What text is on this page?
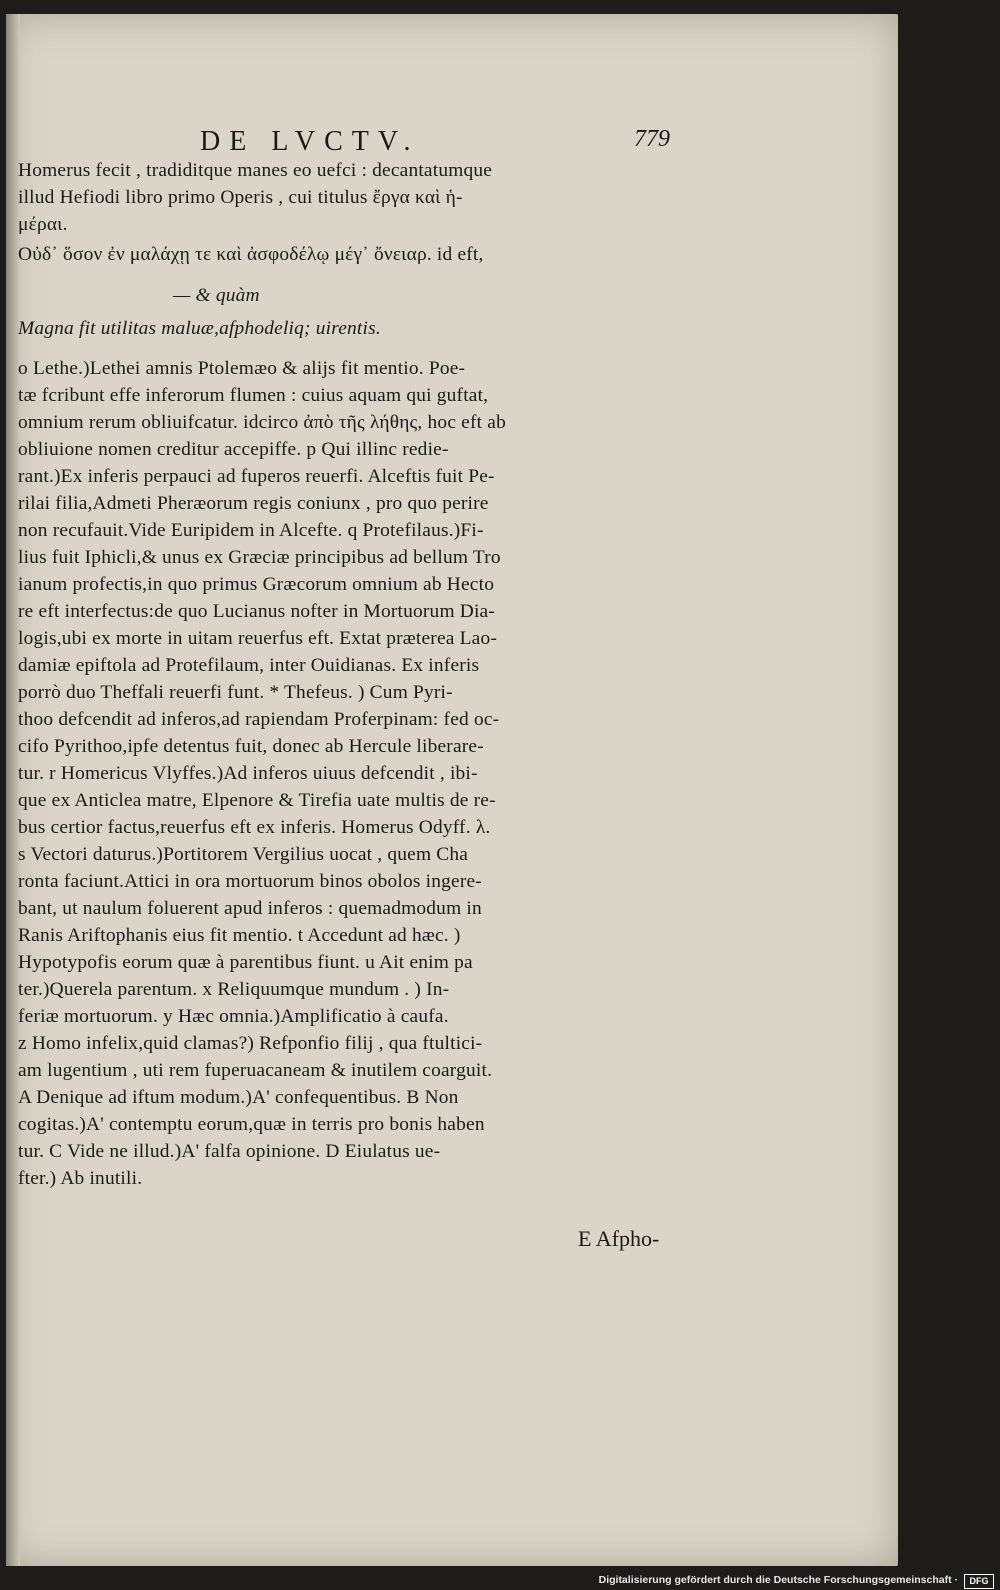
DE LVCTV.	779
Homerus fecit , tradiditque manes eo uefci : decantatumque
illud Hefiodi libro primo Operis , cui titulus ἔργα καὶ ἡ-
μέραι.
Οὐδ᾽ ὅσον ἐν μαλάχῃ τε καὶ ἀσφοδέλῳ μέγ᾽ ὄνειαρ. id eft,
— & quàm
Magna fit utilitas maluæ,afphodeliq; uirentis.
o Lethe.)Lethei amnis Ptolemæo & alijs fit mentio. Poe-
tæ fcribunt effe inferorum flumen : cuius aquam qui guftat,
omnium rerum obliuifcatur. idcirco ἀπὸ τῆς λήθης, hoc eft ab
obliuione nomen creditur accepiffe. p Qui illinc redie-
rant.)Ex inferis perpauci ad fuperos reuerfi. Alceftis fuit Pe-
rilai filia,Admeti Pheræorum regis coniunx , pro quo perire
non recufauit.Vide Euripidem in Alcefte. q Protefilaus.)Fi-
lius fuit Iphicli,& unus ex Græciæ principibus ad bellum Tro
ianum profectis,in quo primus Græcorum omnium ab Hecto
re eft interfectus:de quo Lucianus nofter in Mortuorum Dia-
logis,ubi ex morte in uitam reuerfus eft. Extat præterea Lao-
damiæ epiftola ad Protefilaum, inter Ouidianas. Ex inferis
porrò duo Theffali reuerfi funt. * Thefeus. ) Cum Pyri-
thoo defcendit ad inferos,ad rapiendam Proferpinam: fed oc-
cifo Pyrithoo,ipfe detentus fuit, donec ab Hercule liberare-
tur. r Homericus Vlyffes.)Ad inferos uiuus defcendit , ibi-
que ex Anticlea matre, Elpenore & Tirefia uate multis de re-
bus certior factus,reuerfus eft ex inferis. Homerus Odyff. λ.
s Vectori daturus.)Portitorem Vergilius uocat , quem Cha
ronta faciunt.Attici in ora mortuorum binos obolos ingere-
bant, ut naulum foluerent apud inferos : quemadmodum in
Ranis Ariftophanis eius fit mentio. t Accedunt ad hæc. )
Hypotypofis eorum quæ à parentibus fiunt. u Ait enim pa
ter.)Querela parentum. x Reliquumque mundum . ) In-
feriæ mortuorum. y Hæc omnia.)Amplificatio à caufa.
z Homo infelix,quid clamas?) Refponfio filij , qua ftultici-
am lugentium , uti rem fuperuacaneam & inutilem coarguit.
A Denique ad iftum modum.)A' confequentibus. B Non
cogitas.)A' contemptu eorum,quæ in terris pro bonis haben
tur. C Vide ne illud.)A' falfa opinione. D Eiulatus ue-
fter.) Ab inutili.
E Afpho-
Digitalisierung gefördert durch die Deutsche Forschungsgemeinschaft ·	DFG
